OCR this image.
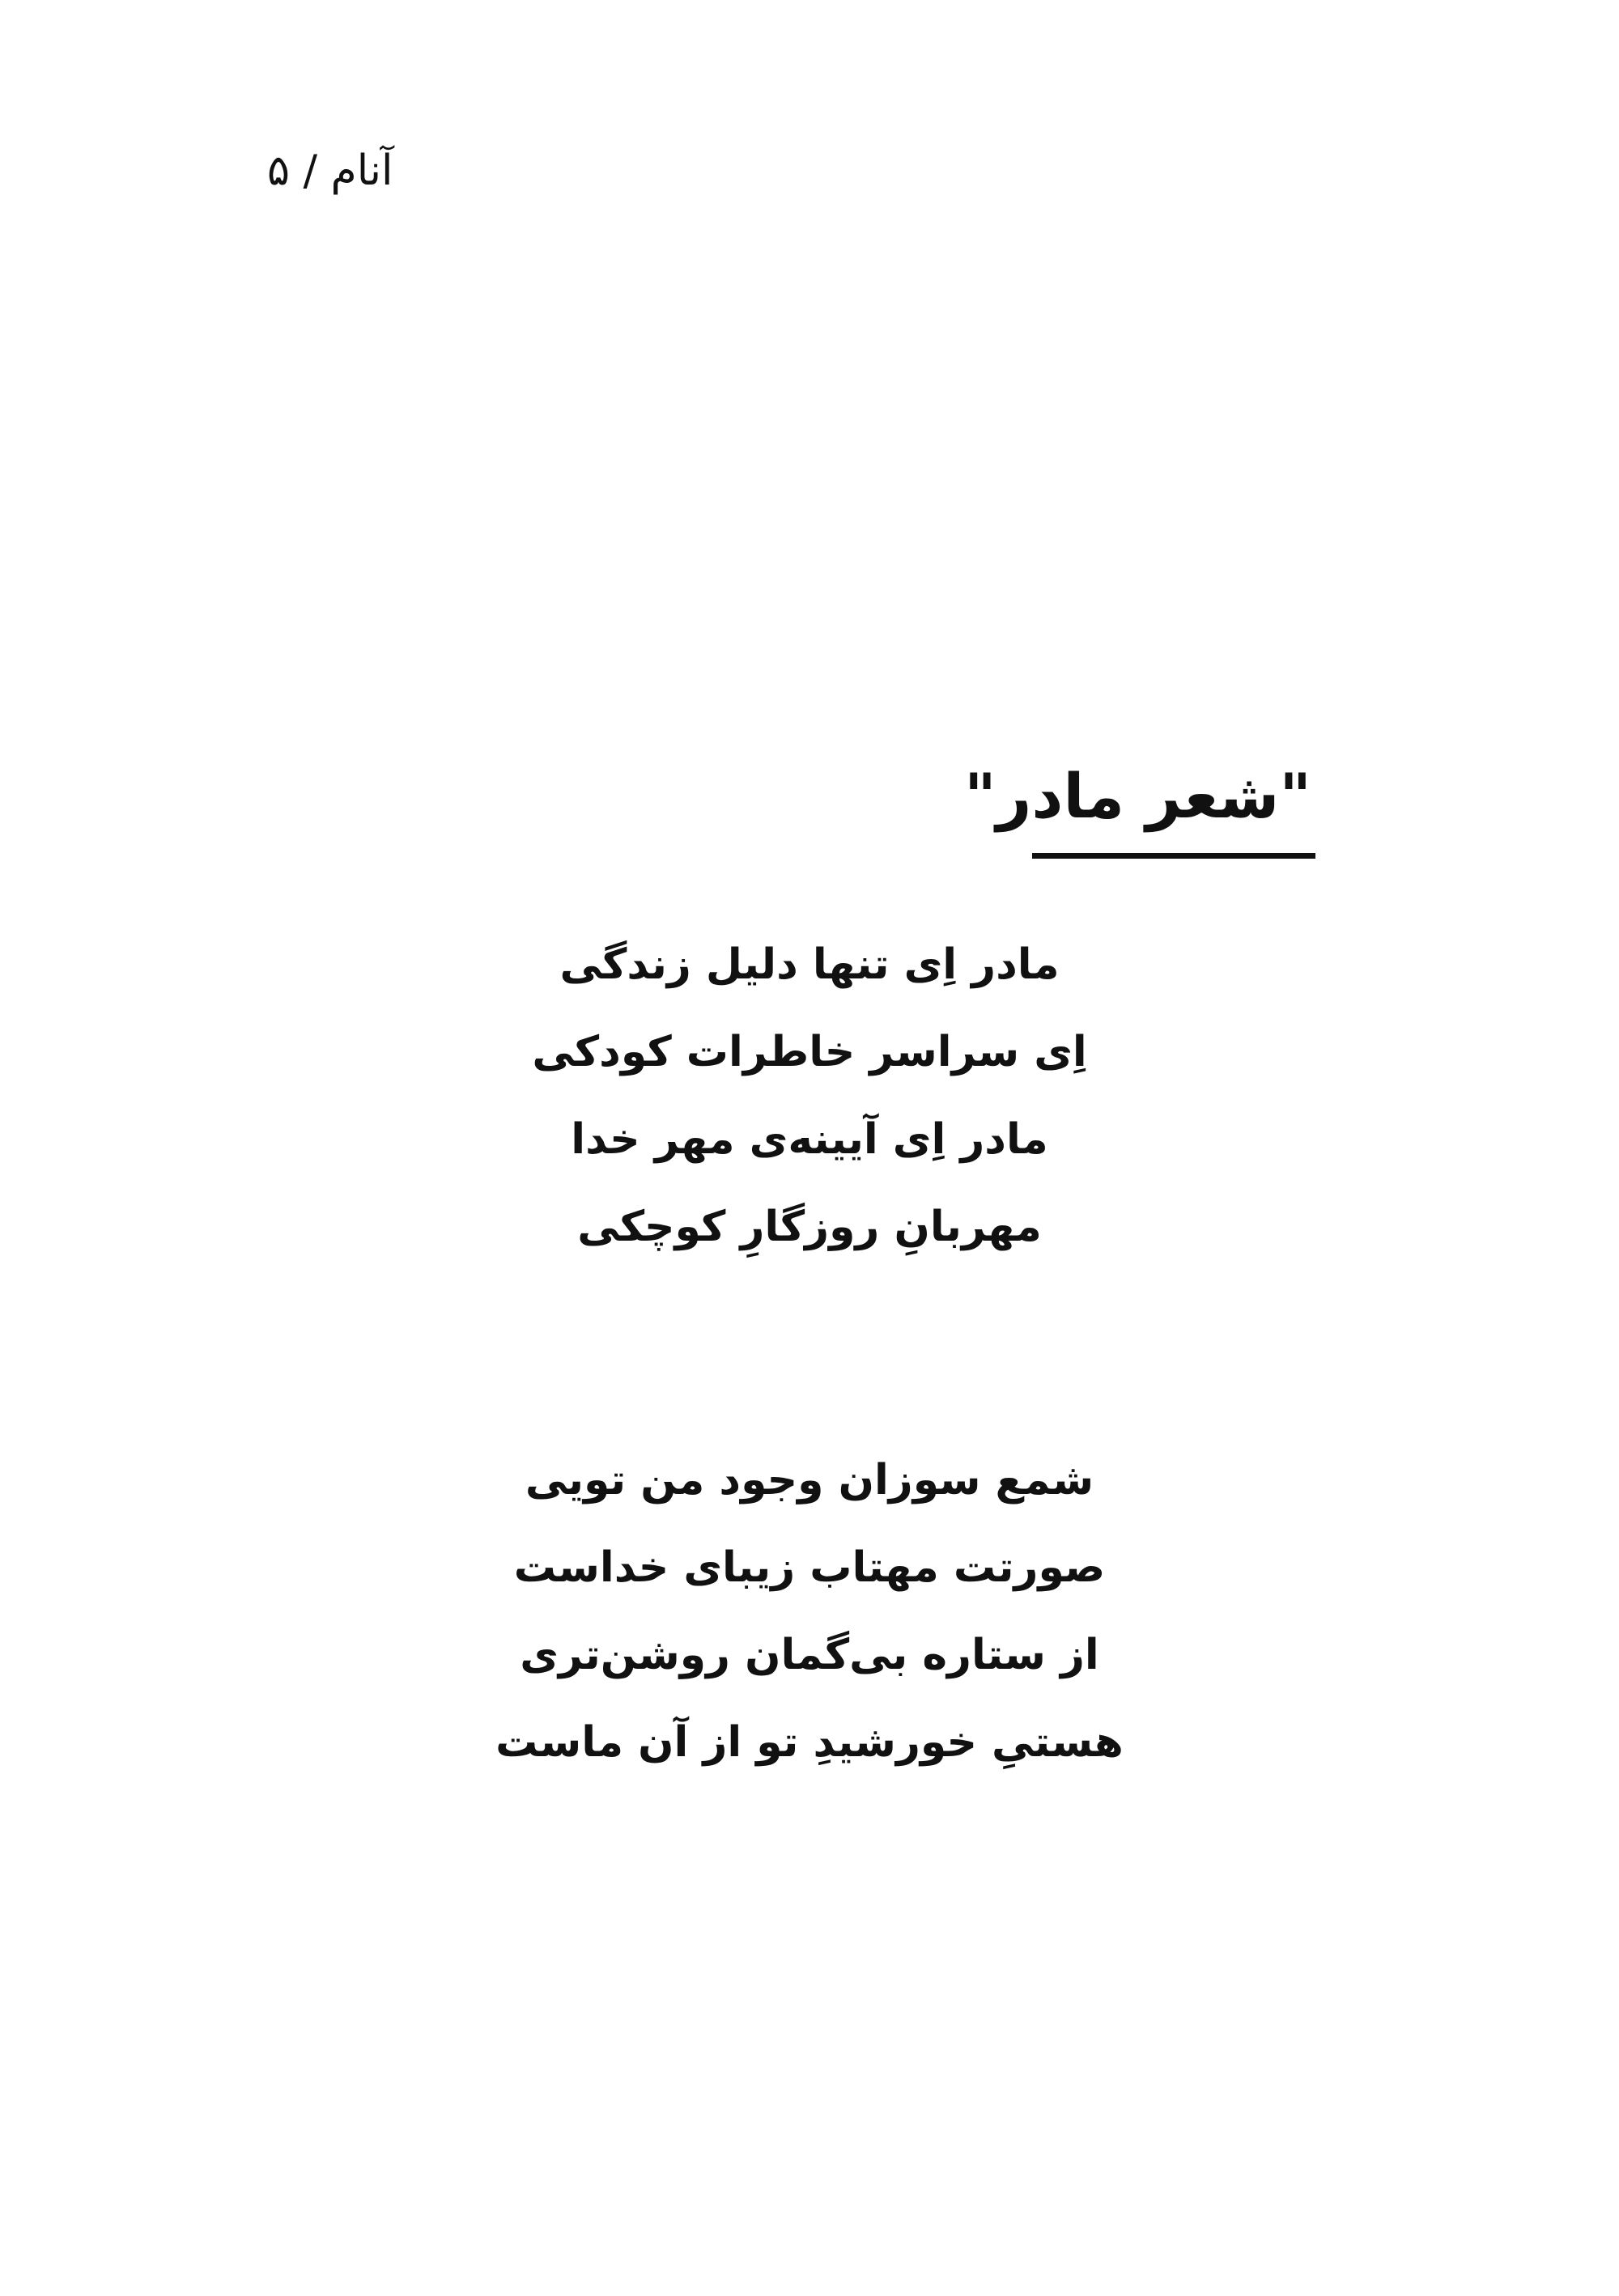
آنام / ۵
"شعر مادر"
مادر اِی تنها دلیل زندگی
اِی سراسر خاطرات کودکی
مادر اِی آیینه‌ی مهر خدا
مهربانِ روزگارِ کوچکی
شمع سوزان وجود من تویی
صورتت مهتاب زیبای خداست
از ستاره بی‌گمان روشن‌تری
هستیِ خورشیدِ تو از آن ماست
